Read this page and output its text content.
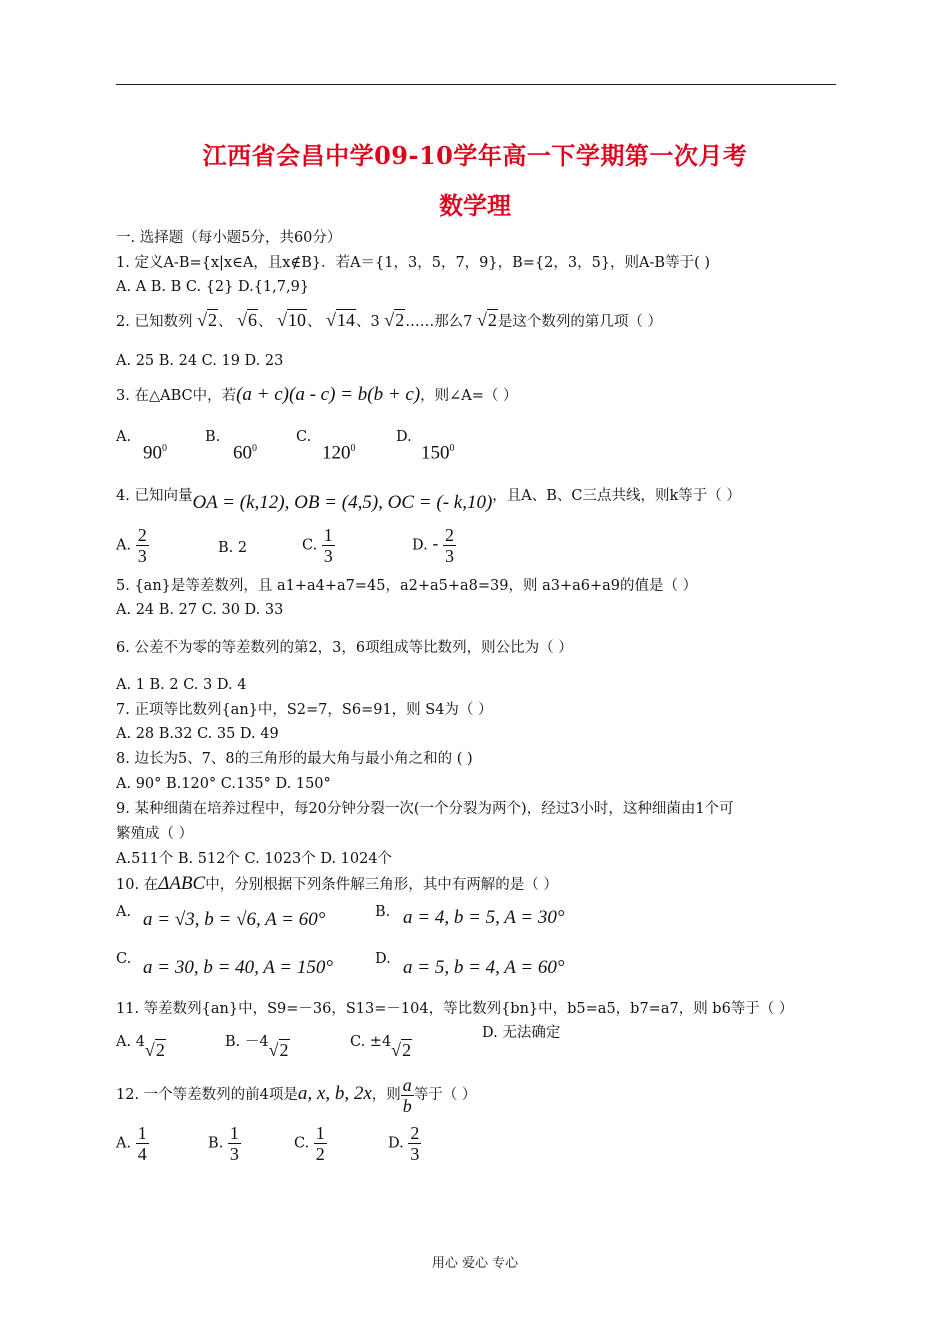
江西省会昌中学09-10学年高一下学期第一次月考
数学理
一. 选择题（每小题5分，共60分）
1. 定义A-B={x|x∈A，且x∉B}．若A＝{1，3，5，7，9}，B={2，3，5}，则A-B等于( )
A. A B. B C. {2} D.{1,7,9}
2. 已知数列 √2、 √6、 √10、 √14、3 √2……那么7 √2是这个数列的第几项（ ）
A. 25 B. 24 C. 19 D. 23
3. 在△ABC中，若(a + c)(a - c) = b(b + c)，则∠A=（ ）
A.
$90^0$
B.
$60^0$
C.
$120^0$
D.
$150^0$
4. 已知向量OA = (k,12), OB = (4,5), OC = (- k,10)，且A、B、C三点共线，则k等于（ ）
A. $\frac{2}{3}$	B. 2	C. $\frac{1}{3}$	D. - $\frac{2}{3}$
5. {an}是等差数列，且 a1+a4+a7=45，a2+a5+a8=39，则 a3+a6+a9的值是（ ）
A. 24 B. 27 C. 30 D. 33
6. 公差不为零的等差数列的第2，3，6项组成等比数列，则公比为（ ）
A. 1 B. 2 C. 3 D. 4
7. 正项等比数列{an}中，S2=7，S6=91，则 S4为（ ）
A. 28 B.32 C. 35 D. 49
8. 边长为5、7、8的三角形的最大角与最小角之和的 ( )
A. 90° B.120° C.135° D. 150°
9. 某种细菌在培养过程中，每20分钟分裂一次(一个分裂为两个)，经过3小时，这种细菌由1个可
繁殖成（ ）
A.511个 B. 512个 C. 1023个 D. 1024个
10. 在ΔABC中，分别根据下列条件解三角形，其中有两解的是（ ）
A. a = √3, b = √6, A = 60°	B. a = 4, b = 5, A = 30°
C. a = 30, b = 40, A = 150°	D. a = 5, b = 4, A = 60°
11. 等差数列{an}中，S9=－36，S13=－104，等比数列{bn}中，b5=a5，b7=a7，则 b6等于（ ）
A. 4√2	B. －4√2	C. ±4√2
D. 无法确定
12. 一个等差数列的前4项是a, x, b, 2x，则 $\frac{a}{b}$ 等于（ ）
A. $\frac{1}{4}$	B. $\frac{1}{3}$	C. $\frac{1}{2}$	D. $\frac{2}{3}$
用心 爱心 专心
